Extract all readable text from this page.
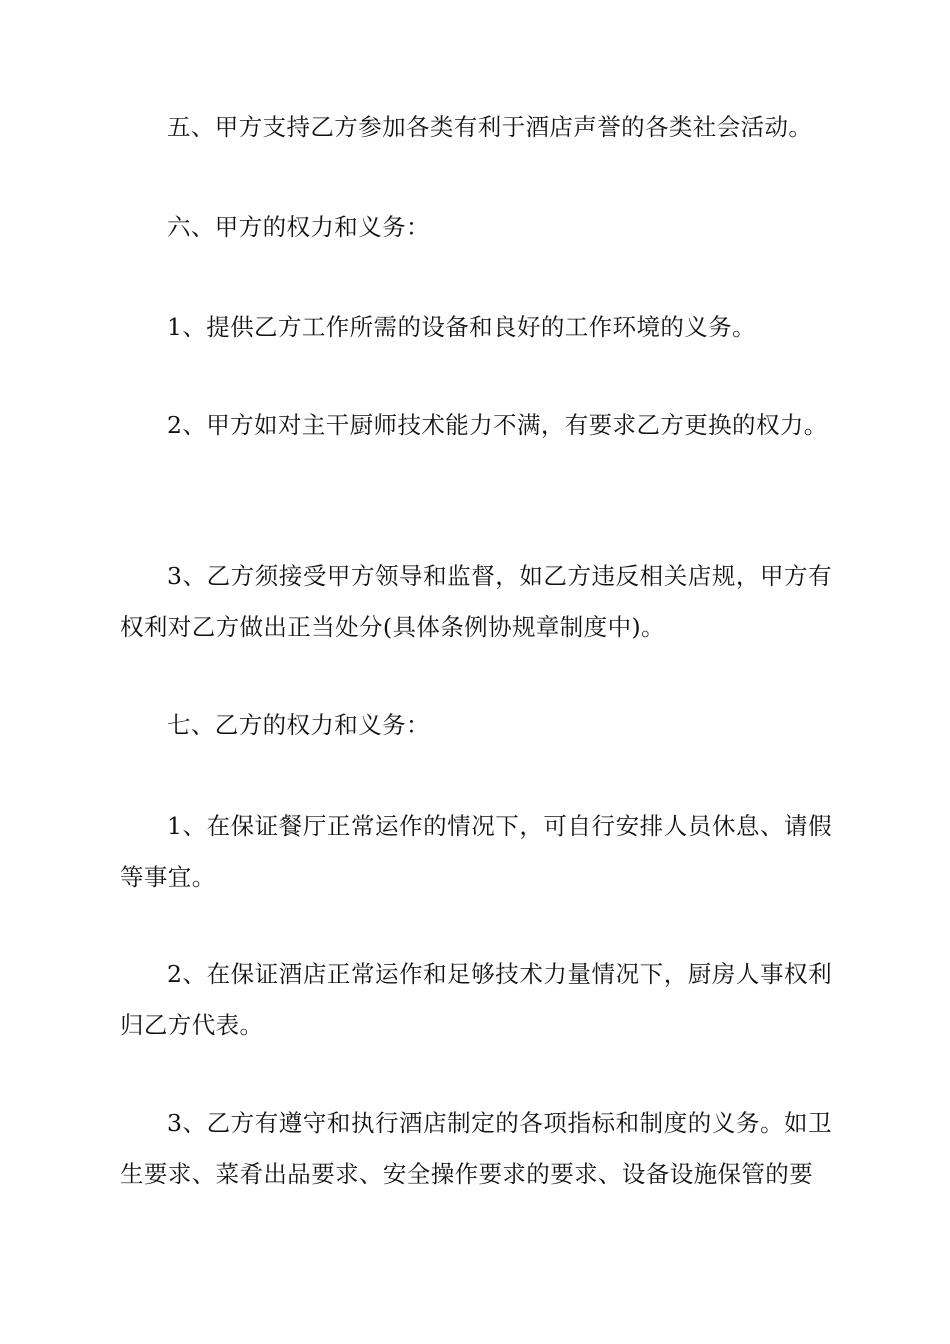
五、甲方支持乙方参加各类有利于酒店声誉的各类社会活动。

六、甲方的权力和义务：

1、提供乙方工作所需的设备和良好的工作环境的义务。

2、甲方如对主干厨师技术能力不满，有要求乙方更换的权力。

3、乙方须接受甲方领导和监督，如乙方违反相关店规，甲方有权利对乙方做出正当处分(具体条例协规章制度中)。

七、乙方的权力和义务：

1、在保证餐厅正常运作的情况下，可自行安排人员休息、请假等事宜。

2、在保证酒店正常运作和足够技术力量情况下，厨房人事权利归乙方代表。

3、乙方有遵守和执行酒店制定的各项指标和制度的义务。如卫生要求、菜肴出品要求、安全操作要求的要求、设备设施保管的要
